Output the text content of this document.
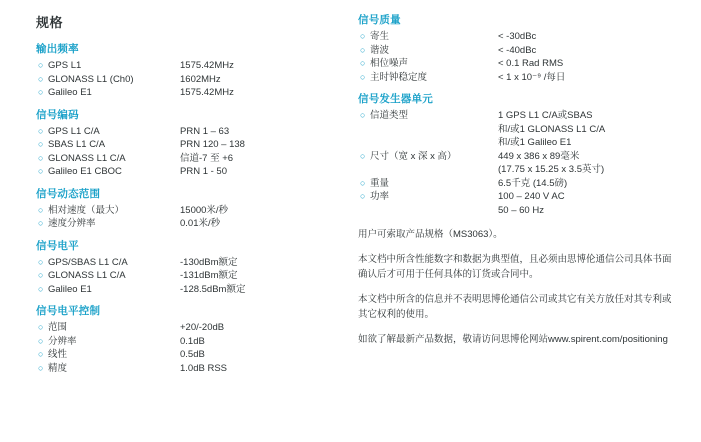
规格
输出频率
○ GPS L1	1575.42MHz
○ GLONASS L1 (Ch0)	1602MHz
○ Galileo E1	1575.42MHz
信号编码
○ GPS L1 C/A	PRN 1 – 63
○ SBAS L1 C/A	PRN 120 – 138
○ GLONASS L1 C/A	信道-7 至 +6
○ Galileo E1 CBOC	PRN 1 - 50
信号动态范围
○ 相对速度（最大）	15000米/秒
○ 速度分辨率	0.01米/秒
信号电平
○ GPS/SBAS L1 C/A	-130dBm额定
○ GLONASS L1 C/A	-131dBm额定
○ Galileo E1	-128.5dBm额定
信号电平控制
○ 范围	+20/-20dB
○ 分辨率	0.1dB
○ 线性	0.5dB
○ 精度	1.0dB RSS
信号质量
○ 寄生	< -30dBc
○ 谐波	< -40dBc
○ 相位噪声	< 0.1 Rad RMS
○ 主时钟稳定度	< 1 x 10⁻⁹ /每日
信号发生器单元
○ 信道类型	1 GPS L1 C/A或SBAS
和/或1 GLONASS L1 C/A
和/或1 Galileo E1
○ 尺寸（宽 x 深 x 高）	449 x 386 x 89毫米
(17.75 x 15.25 x 3.5英寸)
○ 重量	6.5千克 (14.5磅)
○ 功率	100 – 240 V AC
50 – 60 Hz

用户可索取产品规格（MS3063）。

本文档中所含性能数字和数据为典型值，且必须由思博伦通信公司具体书面确认后才可用于任何具体的订货或合同中。

本文档中所含的信息并不表明思博伦通信公司或其它有关方放任对其专利或其它权利的使用。

如欲了解最新产品数据，敬请访问思博伦网站www.spirent.com/positioning
